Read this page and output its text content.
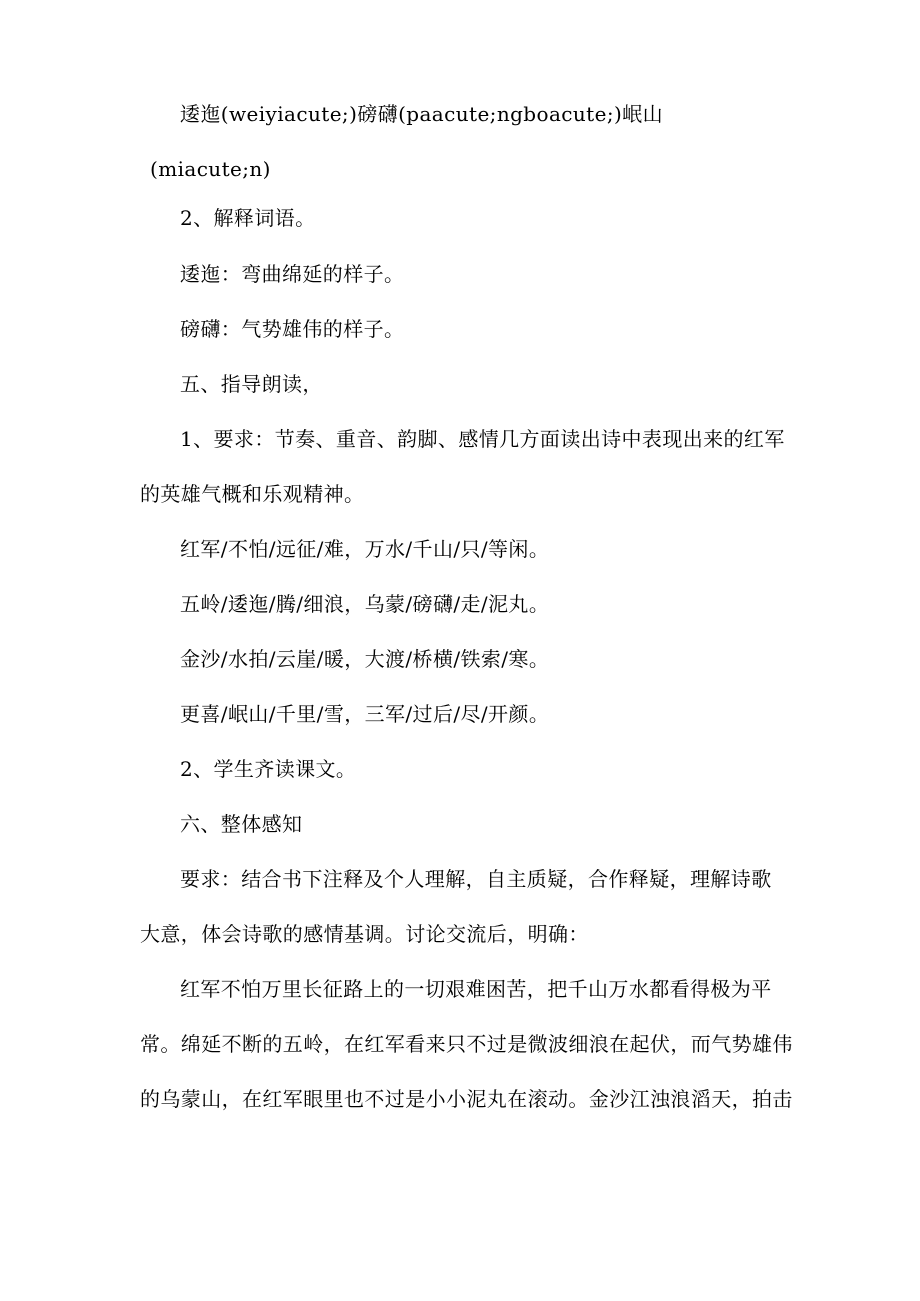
逶迤(weiyiacute;)磅礴(paacute;ngboacute;)岷山
(miacute;n)
2、解释词语。
逶迤：弯曲绵延的样子。
磅礴：气势雄伟的样子。
五、指导朗读，
1、要求：节奏、重音、韵脚、感情几方面读出诗中表现出来的红军
的英雄气概和乐观精神。
红军/不怕/远征/难，万水/千山/只/等闲。
五岭/逶迤/腾/细浪，乌蒙/磅礴/走/泥丸。
金沙/水拍/云崖/暖，大渡/桥横/铁索/寒。
更喜/岷山/千里/雪，三军/过后/尽/开颜。
2、学生齐读课文。
六、整体感知
要求：结合书下注释及个人理解，自主质疑，合作释疑，理解诗歌
大意，体会诗歌的感情基调。讨论交流后，明确：
红军不怕万里长征路上的一切艰难困苦，把千山万水都看得极为平
常。绵延不断的五岭，在红军看来只不过是微波细浪在起伏，而气势雄伟
的乌蒙山，在红军眼里也不过是小小泥丸在滚动。金沙江浊浪滔天，拍击
